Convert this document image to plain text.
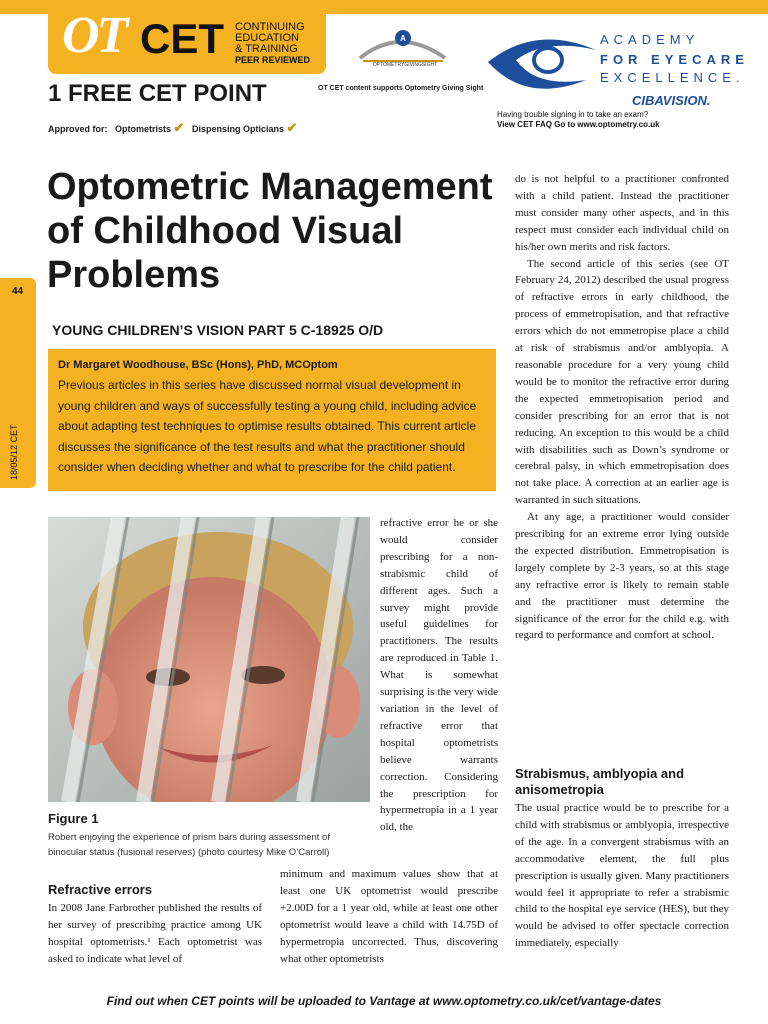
OT CET CONTINUING
EDUCATION
& TRAINING
PEER REVIEWED
1 FREE CET POINT
Approved for: Optometrists ✔ Dispensing Opticians ✔
A
OPTOMETRYGIVINGSIGHT
OT CET content supports Optometry Giving Sight
ACADEMY
FOR EYECARE
EXCELLENCE.
CIBAVISION.
Having trouble signing in to take an exam?
View CET FAQ Go to www.optometry.co.uk
44
18/05/12 CET
Optometric Management of Childhood Visual Problems
YOUNG CHILDREN’S VISION PART 5 C-18925 O/D
Dr Margaret Woodhouse, BSc (Hons), PhD, MCOptom
Previous articles in this series have discussed normal visual development in young children and ways of successfully testing a young child, including advice about adapting test techniques to optimise results obtained. This current article discusses the significance of the test results and what the practitioner should consider when deciding whether and what to prescribe for the child patient.
Figure 1
Robert enjoying the experience of prism bars during assessment of binocular status (fusional reserves) (photo courtesy Mike O’Carroll)
Refractive errors

In 2008 Jane Farbrother published the results of her survey of prescribing practice among UK hospital optometrists.¹ Each optometrist was asked to indicate what level of

refractive error he or she would consider prescribing for a non-strabismic child of different ages. Such a survey might provide useful guidelines for practitioners. The results are reproduced in Table 1. What is somewhat surprising is the very wide variation in the level of refractive error that hospital optometrists believe warrants correction. Considering the prescription for hypermetropia in a 1 year old, the

minimum and maximum values show that at least one UK optometrist would prescribe +2.00D for a 1 year old, while at least one other optometrist would leave a child with 14.75D of hypermetropia uncorrected. Thus, discovering what other optometrists

do is not helpful to a practitioner confronted with a child patient. Instead the practitioner must consider many other aspects, and in this respect must consider each individual child on his/her own merits and risk factors.

The second article of this series (see OT February 24, 2012) described the usual progress of refractive errors in early childhood, the process of emmetropisation, and that refractive errors which do not emmetropise place a child at risk of strabismus and/or amblyopia. A reasonable procedure for a very young child would be to monitor the refractive error during the expected emmetropisation period and consider prescribing for an error that is not reducing. An exception to this would be a child with disabilities such as Down’s syndrome or cerebral palsy, in which emmetropisation does not take place. A correction at an earlier age is warranted in such situations.

At any age, a practitioner would consider prescribing for an extreme error lying outside the expected distribution. Emmetropisation is largely complete by 2-3 years, so at this stage any refractive error is likely to remain stable and the practitioner must determine the significance of the error for the child e.g. with regard to performance and comfort at school.

Strabismus, amblyopia and anisometropia

The usual practice would be to prescribe for a child with strabismus or amblyopia, irrespective of the age. In a convergent strabismus with an accommodative element, the full plus prescription is usually given. Many practitioners would feel it appropriate to refer a strabismic child to the hospital eye service (HES), but they would be advised to offer spectacle correction immediately, especially

Find out when CET points will be uploaded to Vantage at www.optometry.co.uk/cet/vantage-dates
